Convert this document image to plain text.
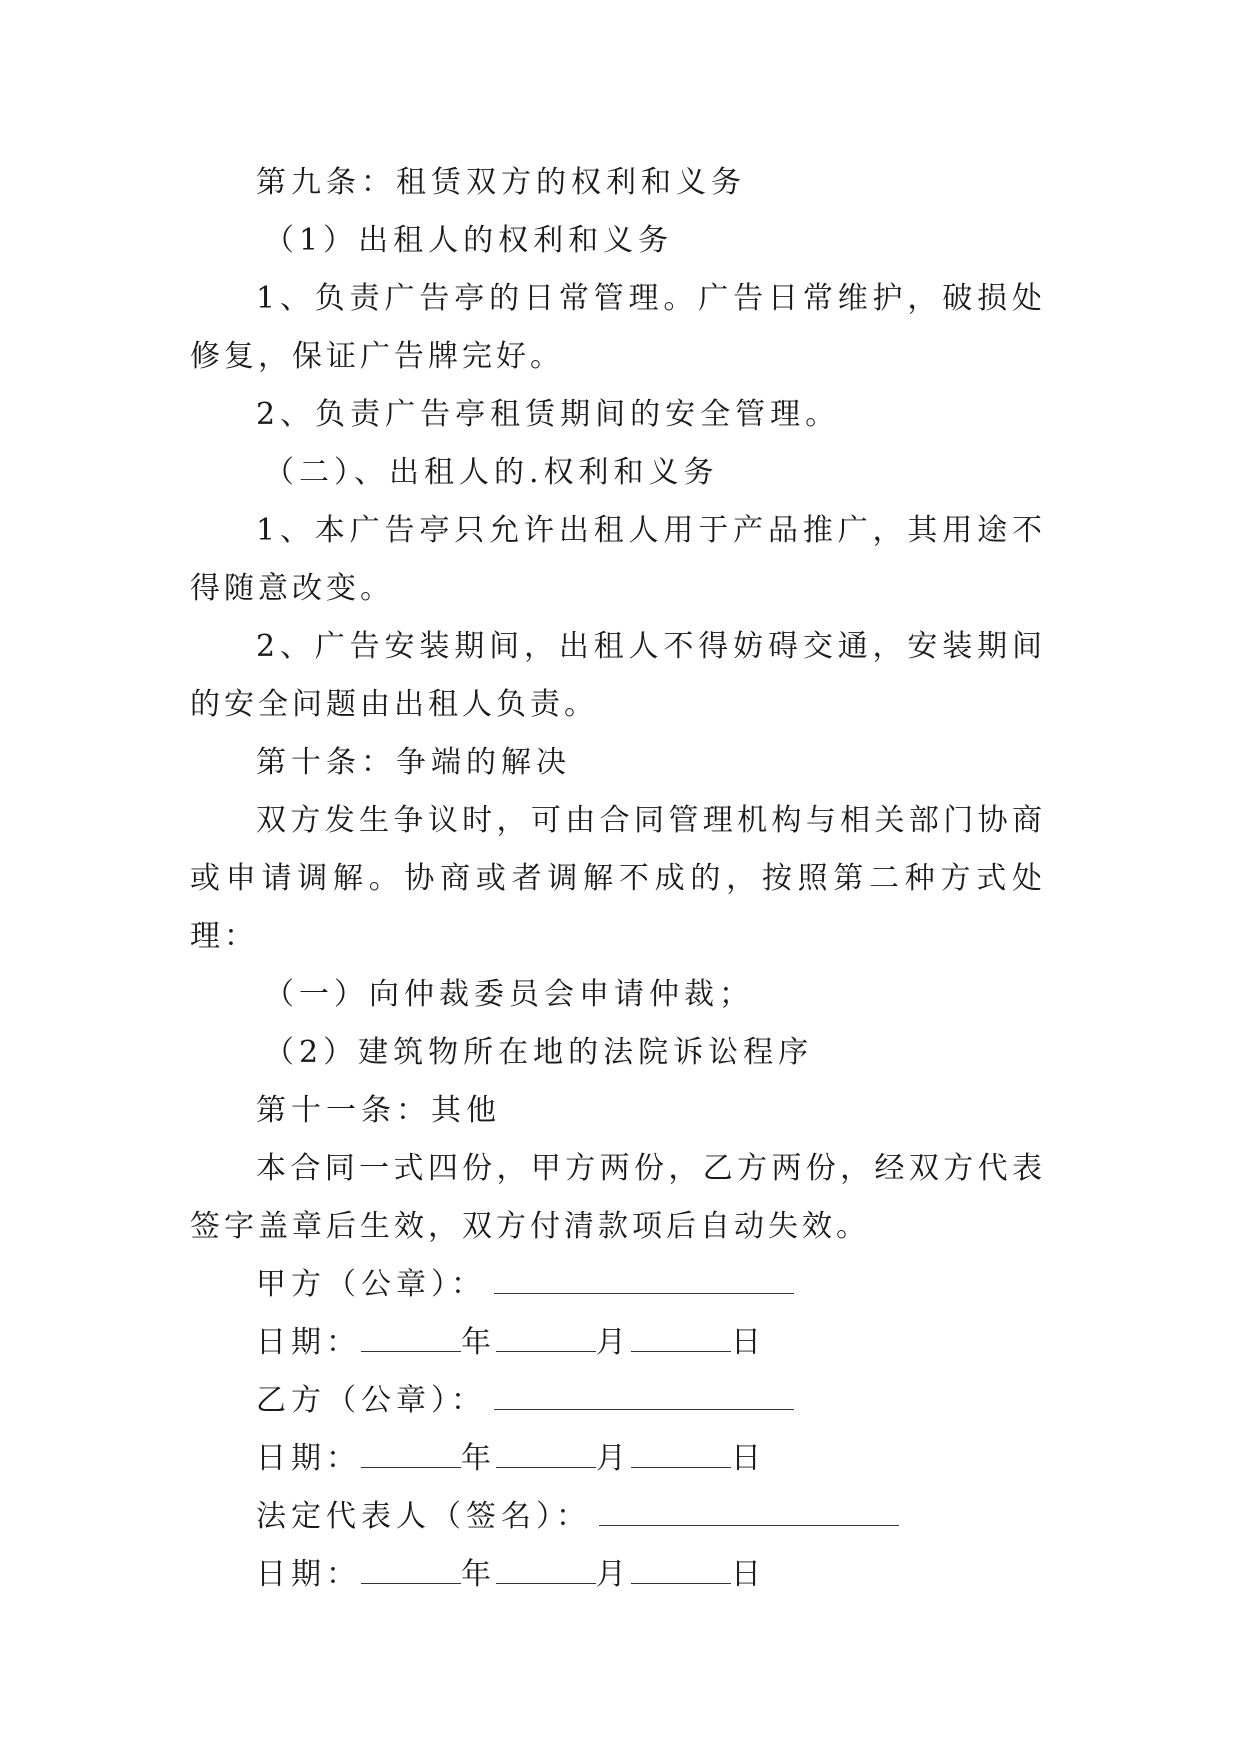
第九条：租赁双方的权利和义务
（1）出租人的权利和义务
1、负责广告亭的日常管理。广告日常维护，破损处修复，保证广告牌完好。
2、负责广告亭租赁期间的安全管理。
（二）、出租人的.权利和义务
1、本广告亭只允许出租人用于产品推广，其用途不得随意改变。
2、广告安装期间，出租人不得妨碍交通，安装期间的安全问题由出租人负责。
第十条：争端的解决
双方发生争议时，可由合同管理机构与相关部门协商或申请调解。协商或者调解不成的，按照第二种方式处理：
（一）向仲裁委员会申请仲裁；
（2）建筑物所在地的法院诉讼程序
第十一条：其他
本合同一式四份，甲方两份，乙方两份，经双方代表签字盖章后生效，双方付清款项后自动失效。
甲方（公章）：
日期：	年	月	日
乙方（公章）：
日期：	年	月	日
法定代表人（签名）：
日期：	年	月	日
